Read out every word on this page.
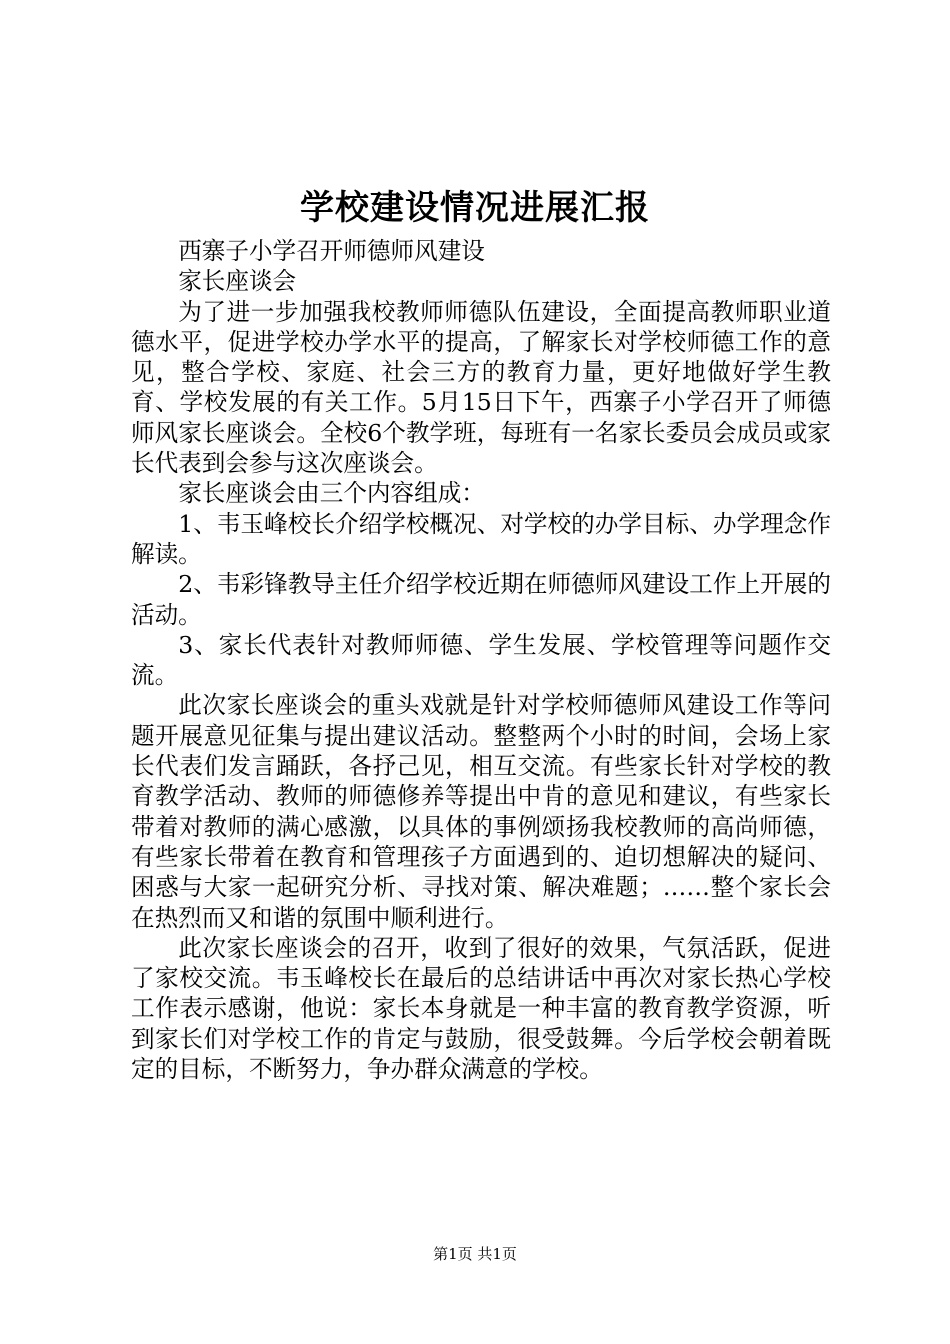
学校建设情况进展汇报

西寨子小学召开师德师风建设

家长座谈会

为了进一步加强我校教师师德队伍建设，全面提高教师职业道德水平，促进学校办学水平的提高，了解家长对学校师德工作的意见，整合学校、家庭、社会三方的教育力量，更好地做好学生教育、学校发展的有关工作。5月15日下午，西寨子小学召开了师德师风家长座谈会。全校6个教学班，每班有一名家长委员会成员或家长代表到会参与这次座谈会。

家长座谈会由三个内容组成：

1、韦玉峰校长介绍学校概况、对学校的办学目标、办学理念作解读。

2、韦彩锋教导主任介绍学校近期在师德师风建设工作上开展的活动。

3、家长代表针对教师师德、学生发展、学校管理等问题作交流。

此次家长座谈会的重头戏就是针对学校师德师风建设工作等问题开展意见征集与提出建议活动。整整两个小时的时间，会场上家长代表们发言踊跃，各抒己见，相互交流。有些家长针对学校的教育教学活动、教师的师德修养等提出中肯的意见和建议，有些家长带着对教师的满心感激，以具体的事例颂扬我校教师的高尚师德，有些家长带着在教育和管理孩子方面遇到的、迫切想解决的疑问、困惑与大家一起研究分析、寻找对策、解决难题；……整个家长会在热烈而又和谐的氛围中顺利进行。

此次家长座谈会的召开，收到了很好的效果，气氛活跃，促进了家校交流。韦玉峰校长在最后的总结讲话中再次对家长热心学校工作表示感谢，他说：家长本身就是一种丰富的教育教学资源，听到家长们对学校工作的肯定与鼓励，很受鼓舞。今后学校会朝着既定的目标，不断努力，争办群众满意的学校。

第1页 共1页
